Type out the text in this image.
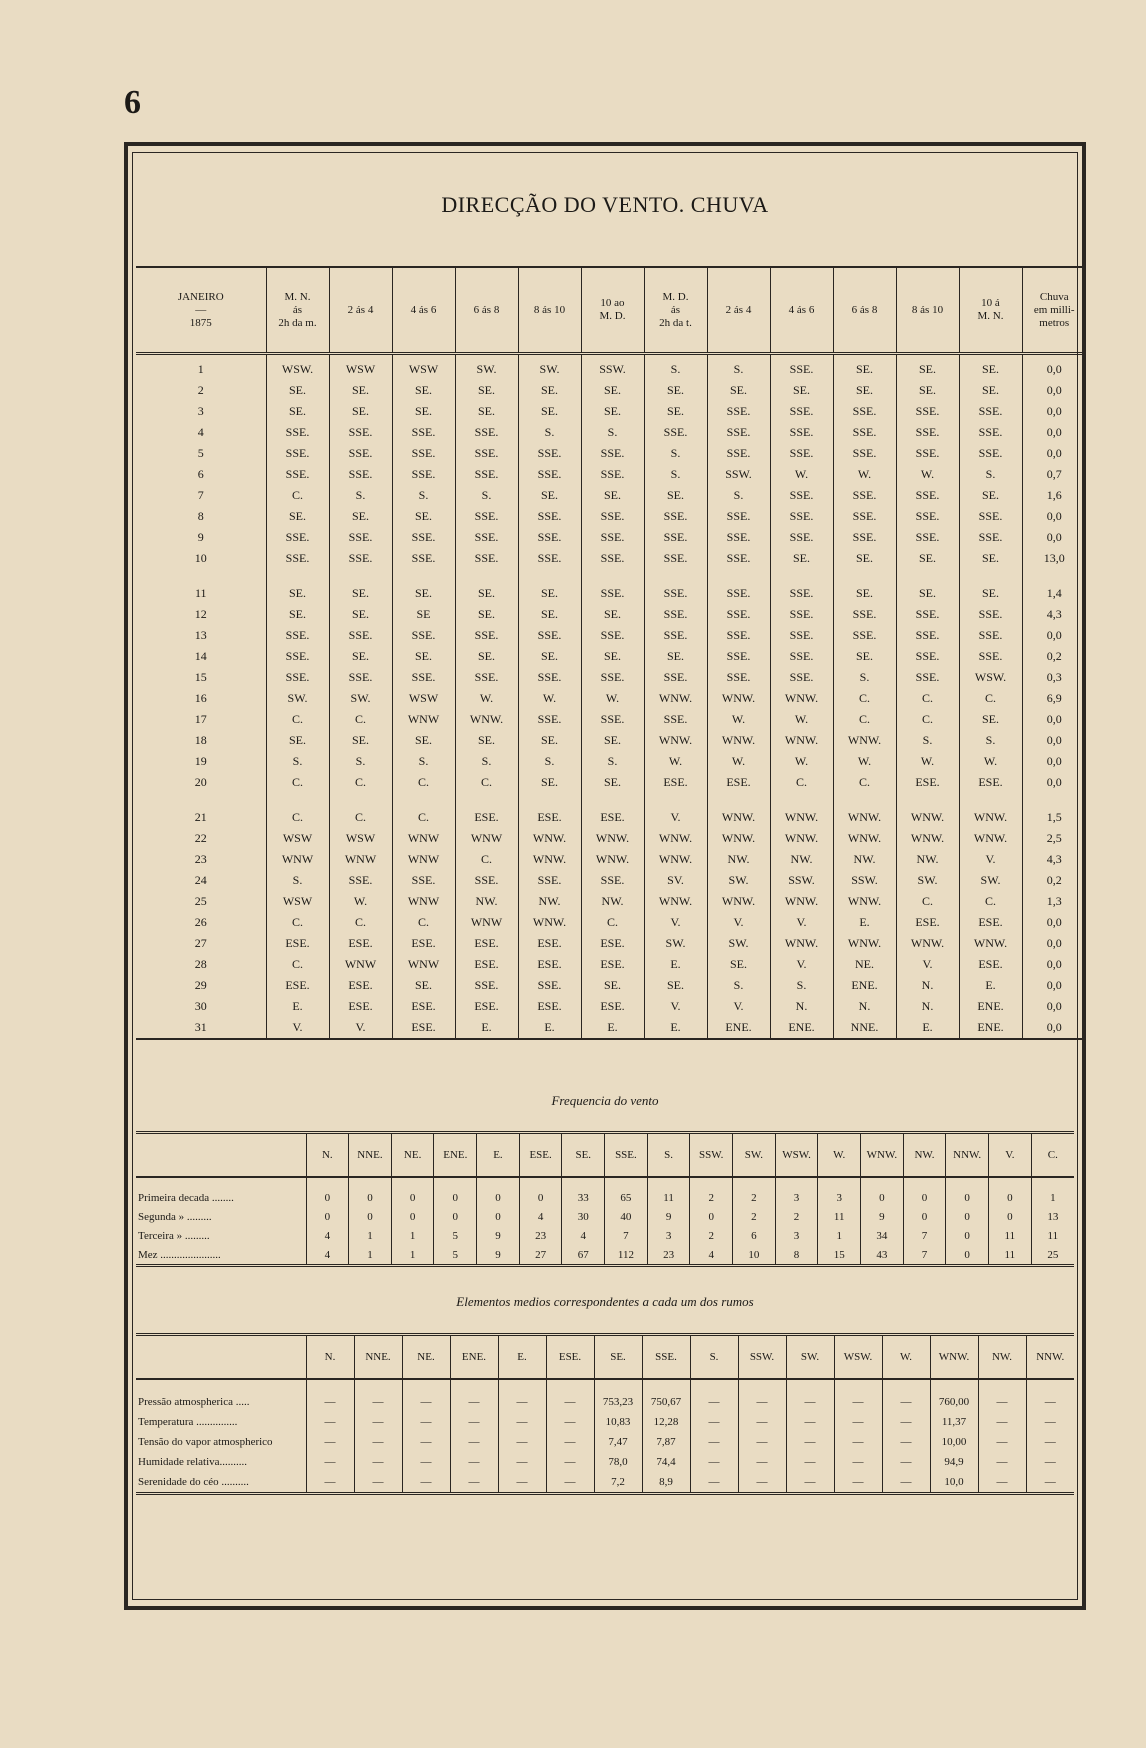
6
DIRECÇÃO DO VENTO. CHUVA
JANEIRO
—
1875	M. N.
ás
2h da m.	2 ás 4	4 ás 6	6 ás 8	8 ás 10	10 ao
M. D.	M. D.
ás
2h da t.	2 ás 4	4 ás 6	6 ás 8	8 ás 10	10 á
M. N.	Chuva
em milli-
metros

1	WSW.	WSW	WSW	SW.	SW.	SSW.	S.	S.	SSE.	SE.	SE.	SE.	0,0
2	SE.	SE.	SE.	SE.	SE.	SE.	SE.	SE.	SE.	SE.	SE.	SE.	0,0
3	SE.	SE.	SE.	SE.	SE.	SE.	SE.	SSE.	SSE.	SSE.	SSE.	SSE.	0,0
4	SSE.	SSE.	SSE.	SSE.	S.	S.	SSE.	SSE.	SSE.	SSE.	SSE.	SSE.	0,0
5	SSE.	SSE.	SSE.	SSE.	SSE.	SSE.	S.	SSE.	SSE.	SSE.	SSE.	SSE.	0,0
6	SSE.	SSE.	SSE.	SSE.	SSE.	SSE.	S.	SSW.	W.	W.	W.	S.	0,7
7	C.	S.	S.	S.	SE.	SE.	SE.	S.	SSE.	SSE.	SSE.	SE.	1,6
8	SE.	SE.	SE.	SSE.	SSE.	SSE.	SSE.	SSE.	SSE.	SSE.	SSE.	SSE.	0,0
9	SSE.	SSE.	SSE.	SSE.	SSE.	SSE.	SSE.	SSE.	SSE.	SSE.	SSE.	SSE.	0,0
10	SSE.	SSE.	SSE.	SSE.	SSE.	SSE.	SSE.	SSE.	SE.	SE.	SE.	SE.	13,0

11	SE.	SE.	SE.	SE.	SE.	SSE.	SSE.	SSE.	SSE.	SE.	SE.	SE.	1,4
12	SE.	SE.	SE	SE.	SE.	SE.	SSE.	SSE.	SSE.	SSE.	SSE.	SSE.	4,3
13	SSE.	SSE.	SSE.	SSE.	SSE.	SSE.	SSE.	SSE.	SSE.	SSE.	SSE.	SSE.	0,0
14	SSE.	SE.	SE.	SE.	SE.	SE.	SE.	SSE.	SSE.	SE.	SSE.	SSE.	0,2
15	SSE.	SSE.	SSE.	SSE.	SSE.	SSE.	SSE.	SSE.	SSE.	S.	SSE.	WSW.	0,3
16	SW.	SW.	WSW	W.	W.	W.	WNW.	WNW.	WNW.	C.	C.	C.	6,9
17	C.	C.	WNW	WNW.	SSE.	SSE.	SSE.	W.	W.	C.	C.	SE.	0,0
18	SE.	SE.	SE.	SE.	SE.	SE.	WNW.	WNW.	WNW.	WNW.	S.	S.	0,0
19	S.	S.	S.	S.	S.	S.	W.	W.	W.	W.	W.	W.	0,0
20	C.	C.	C.	C.	SE.	SE.	ESE.	ESE.	C.	C.	ESE.	ESE.	0,0

21	C.	C.	C.	ESE.	ESE.	ESE.	V.	WNW.	WNW.	WNW.	WNW.	WNW.	1,5
22	WSW	WSW	WNW	WNW	WNW.	WNW.	WNW.	WNW.	WNW.	WNW.	WNW.	WNW.	2,5
23	WNW	WNW	WNW	C.	WNW.	WNW.	WNW.	NW.	NW.	NW.	NW.	V.	4,3
24	S.	SSE.	SSE.	SSE.	SSE.	SSE.	SV.	SW.	SSW.	SSW.	SW.	SW.	0,2
25	WSW	W.	WNW	NW.	NW.	NW.	WNW.	WNW.	WNW.	WNW.	C.	C.	1,3
26	C.	C.	C.	WNW	WNW.	C.	V.	V.	V.	E.	ESE.	ESE.	0,0
27	ESE.	ESE.	ESE.	ESE.	ESE.	ESE.	SW.	SW.	WNW.	WNW.	WNW.	WNW.	0,0
28	C.	WNW	WNW	ESE.	ESE.	ESE.	E.	SE.	V.	NE.	V.	ESE.	0,0
29	ESE.	ESE.	SE.	SSE.	SSE.	SE.	SE.	S.	S.	ENE.	N.	E.	0,0
30	E.	ESE.	ESE.	ESE.	ESE.	ESE.	V.	V.	N.	N.	N.	ENE.	0,0
31	V.	V.	ESE.	E.	E.	E.	E.	ENE.	ENE.	NNE.	E.	ENE.	0,0
Frequencia do vento
	N.	NNE.	NE.	ENE.	E.	ESE.	SE.	SSE.	S.	SSW.	SW.	WSW.	W.	WNW.	NW.	NNW.	V.	C.
Primeira decada ........	0	0	0	0	0	0	33	65	11	2	2	3	3	0	0	0	0	1
Segunda » .........	0	0	0	0	0	4	30	40	9	0	2	2	11	9	0	0	0	13
Terceira » .........	4	1	1	5	9	23	4	7	3	2	6	3	1	34	7	0	11	11
Mez ......................	4	1	1	5	9	27	67	112	23	4	10	8	15	43	7	0	11	25
Elementos medios correspondentes a cada um dos rumos
	N.	NNE.	NE.	ENE.	E.	ESE.	SE.	SSE.	S.	SSW.	SW.	WSW.	W.	WNW.	NW.	NNW.
Pressão atmospherica .....	—	—	—	—	—	—	753,23	750,67	—	—	—	—	—	760,00	—	—
Temperatura ...............	—	—	—	—	—	—	10,83	12,28	—	—	—	—	—	11,37	—	—
Tensão do vapor atmospherico	—	—	—	—	—	—	7,47	7,87	—	—	—	—	—	10,00	—	—
Humidade relativa..........	—	—	—	—	—	—	78,0	74,4	—	—	—	—	—	94,9	—	—
Serenidade do céo ..........	—	—	—	—	—	—	7,2	8,9	—	—	—	—	—	10,0	—	—
